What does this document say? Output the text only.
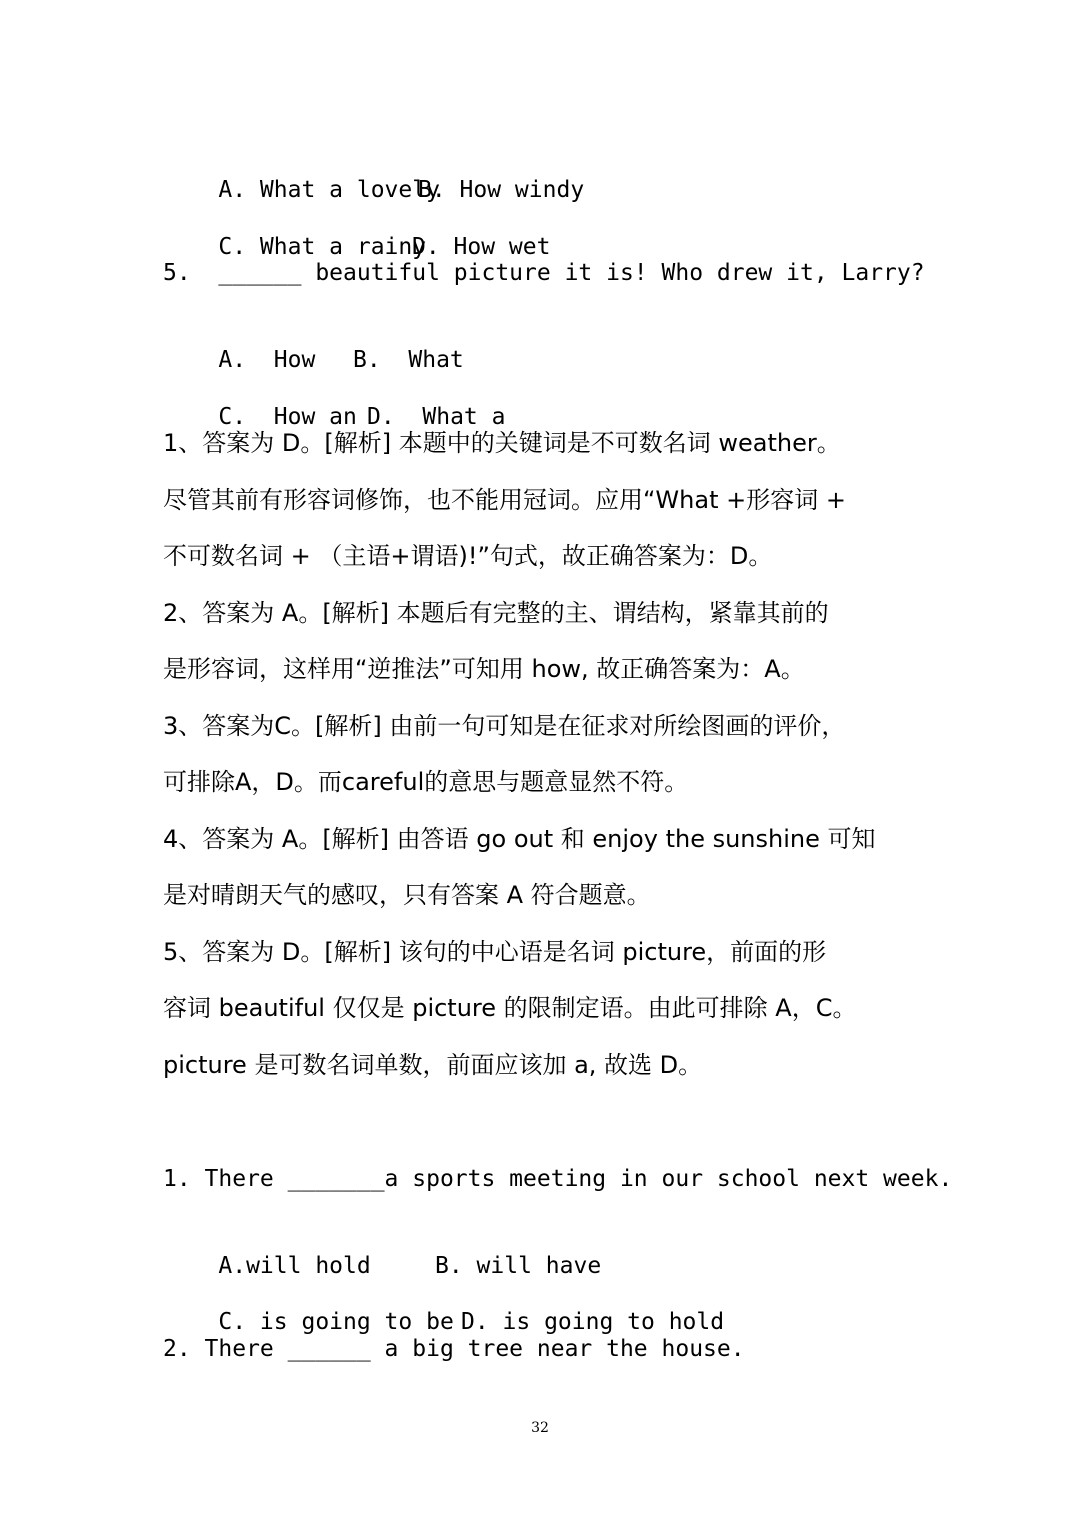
A. What a lovely
B. How windy

C. What a rainy
D. How wet

5.  ______ beautiful picture it is! Who drew it, Larry?

A.  How B.  What

C.  How an D.  What a

1、答案为 D。[解析] 本题中的关键词是不可数名词 weather。
尽管其前有形容词修饰，也不能用冠词。应用“What +形容词 +
不可数名词 + （主语+谓语)!”句式，故正确答案为：D。
2、答案为 A。[解析] 本题后有完整的主、谓结构，紧靠其前的
是形容词，这样用“逆推法”可知用 how, 故正确答案为：A。
3、答案为C。[解析] 由前一句可知是在征求对所绘图画的评价，
可排除A，D。而careful的意思与题意显然不符。
4、答案为 A。[解析] 由答语 go out 和 enjoy the sunshine 可知
是对晴朗天气的感叹，只有答案 A 符合题意。
5、答案为 D。[解析] 该句的中心语是名词 picture，前面的形
容词 beautiful 仅仅是 picture 的限制定语。由此可排除 A，C。
picture 是可数名词单数，前面应该加 a, 故选 D。
1. There _______a sports meeting in our school next week.

A.will hold	B. will have

C. is going to be D. is going to hold

2. There ______ a big tree near the house.
32
